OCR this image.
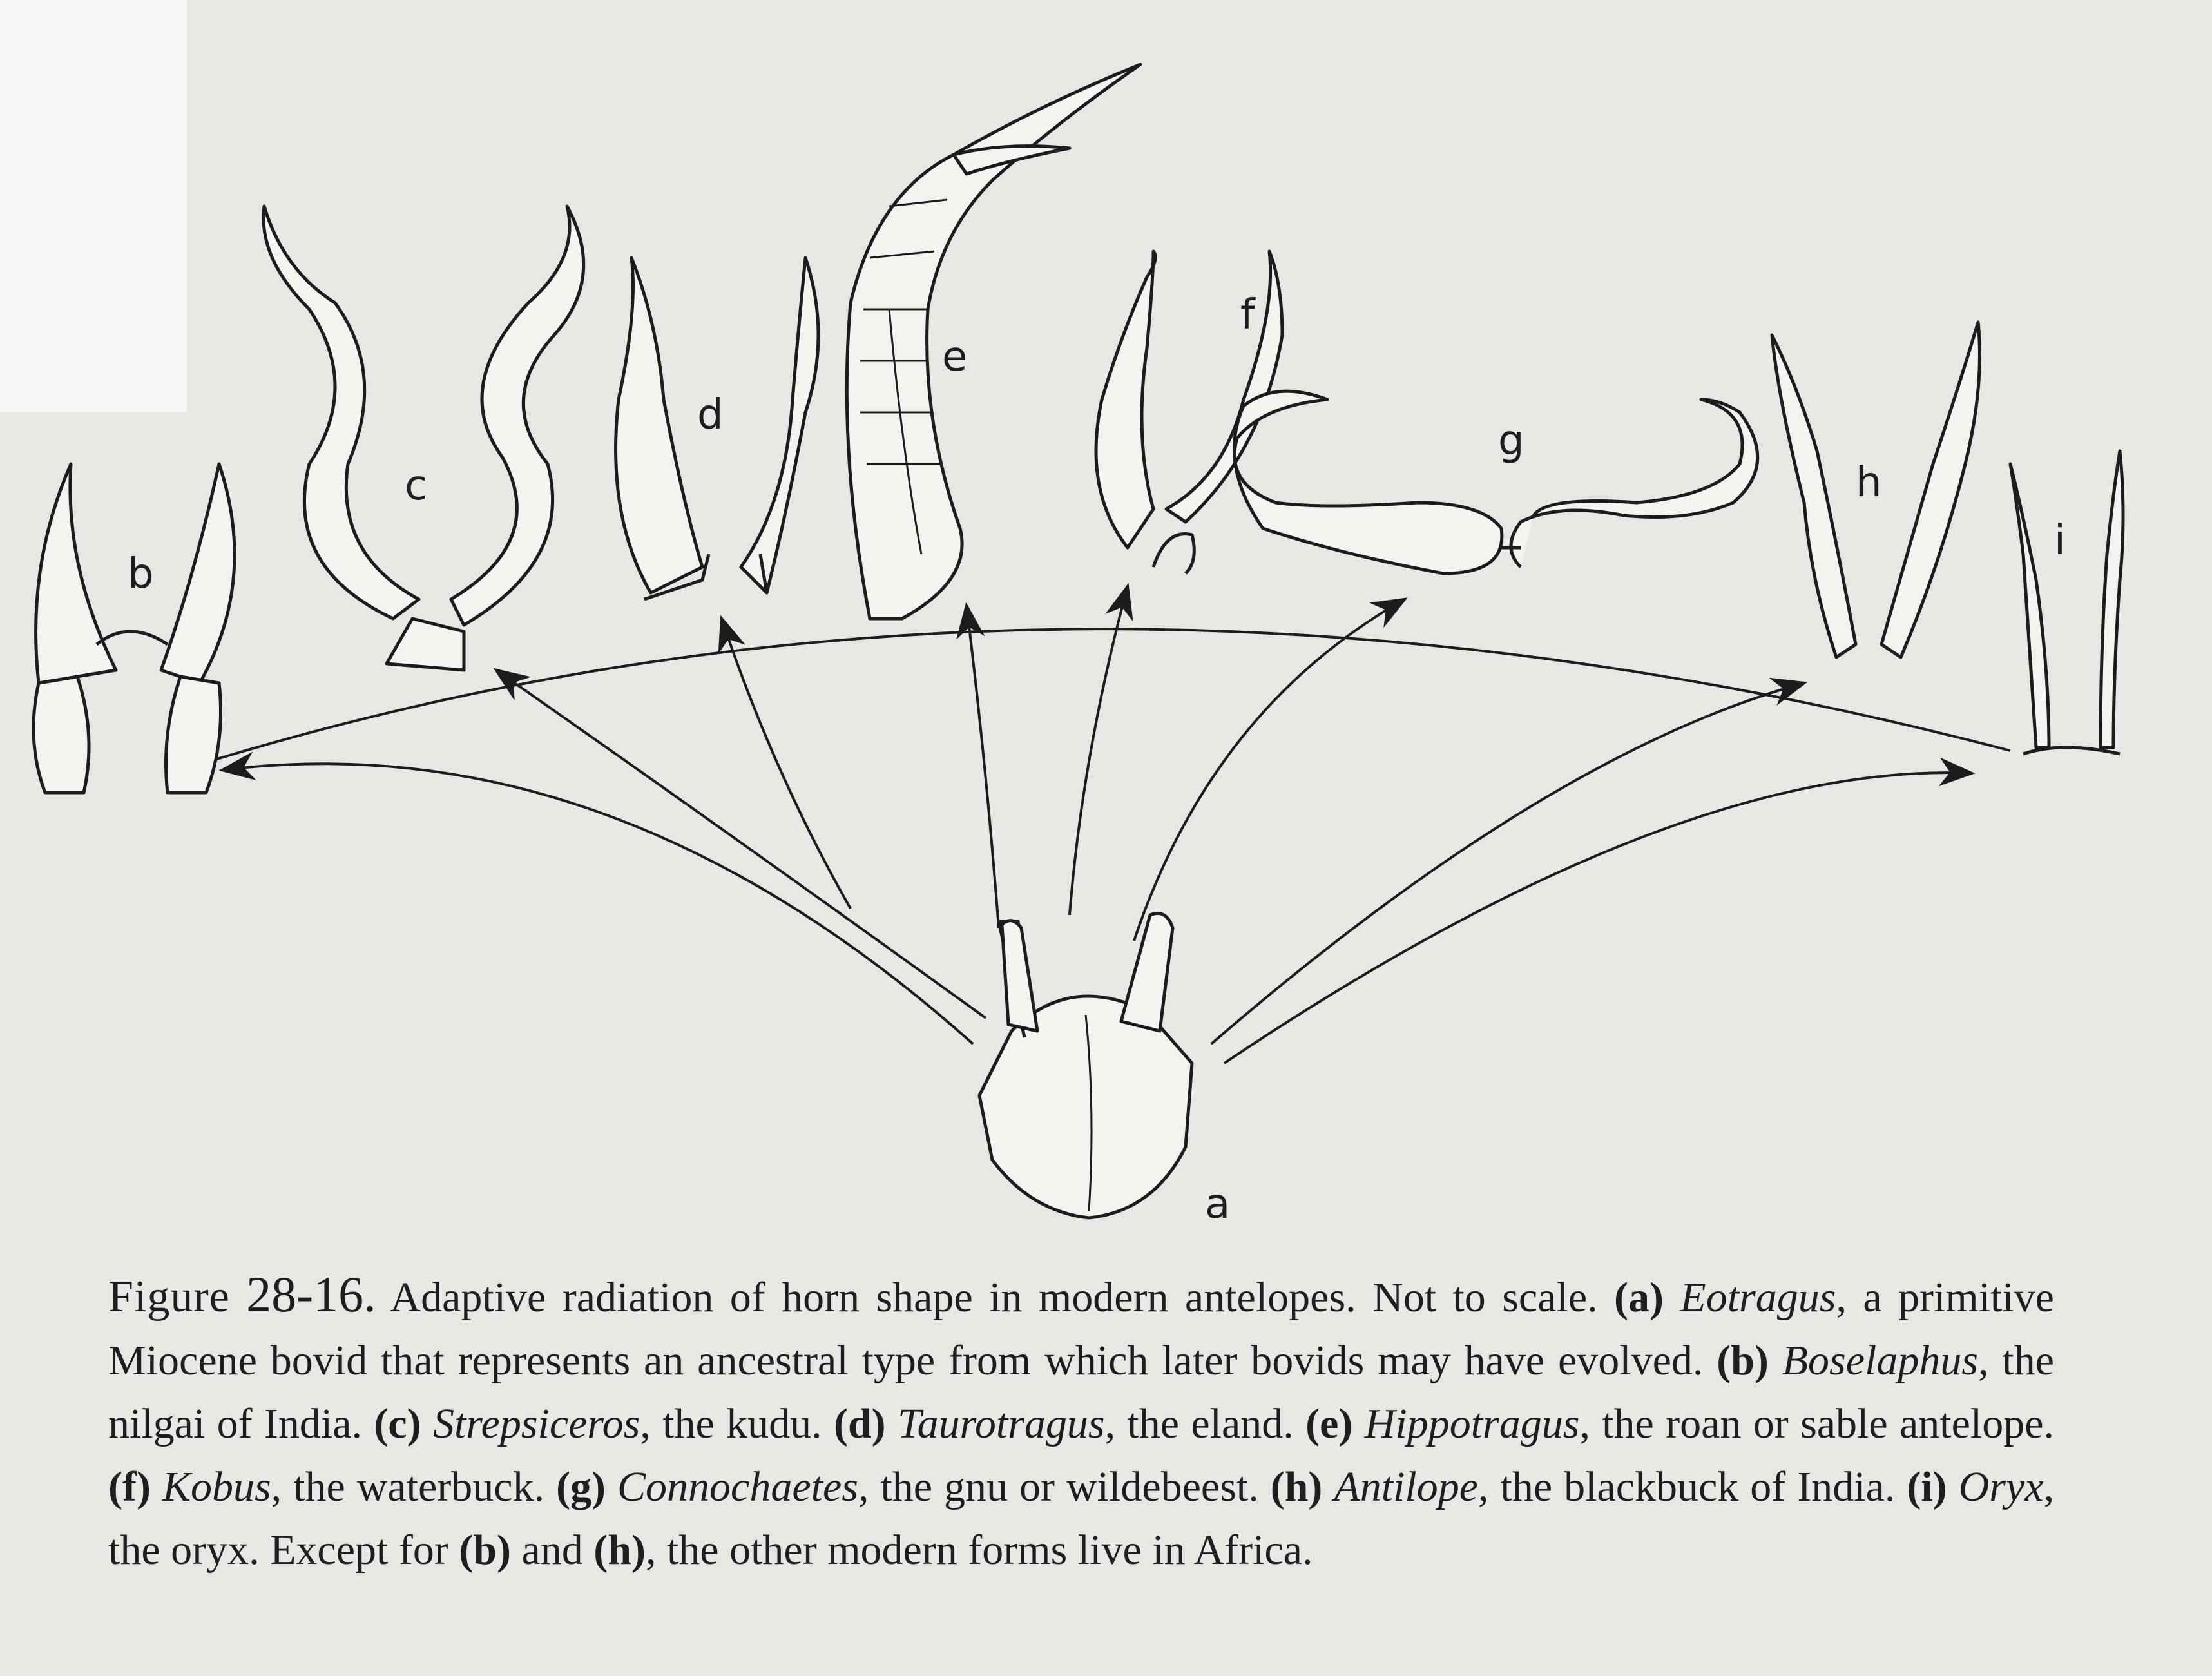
a
b
c
d
e
f
g
h
i
Figure 28-16. Adaptive radiation of horn shape in modern antelopes. Not to scale. (a) Eotragus, a primitive Miocene bovid that represents an ancestral type from which later bovids may have evolved. (b) Boselaphus, the nilgai of India. (c) Strepsiceros, the kudu. (d) Taurotragus, the eland. (e) Hippotragus, the roan or sable antelope. (f) Kobus, the waterbuck. (g) Connochaetes, the gnu or wildebeest. (h) Antilope, the blackbuck of India. (i) Oryx, the oryx. Except for (b) and (h), the other modern forms live in Africa.
